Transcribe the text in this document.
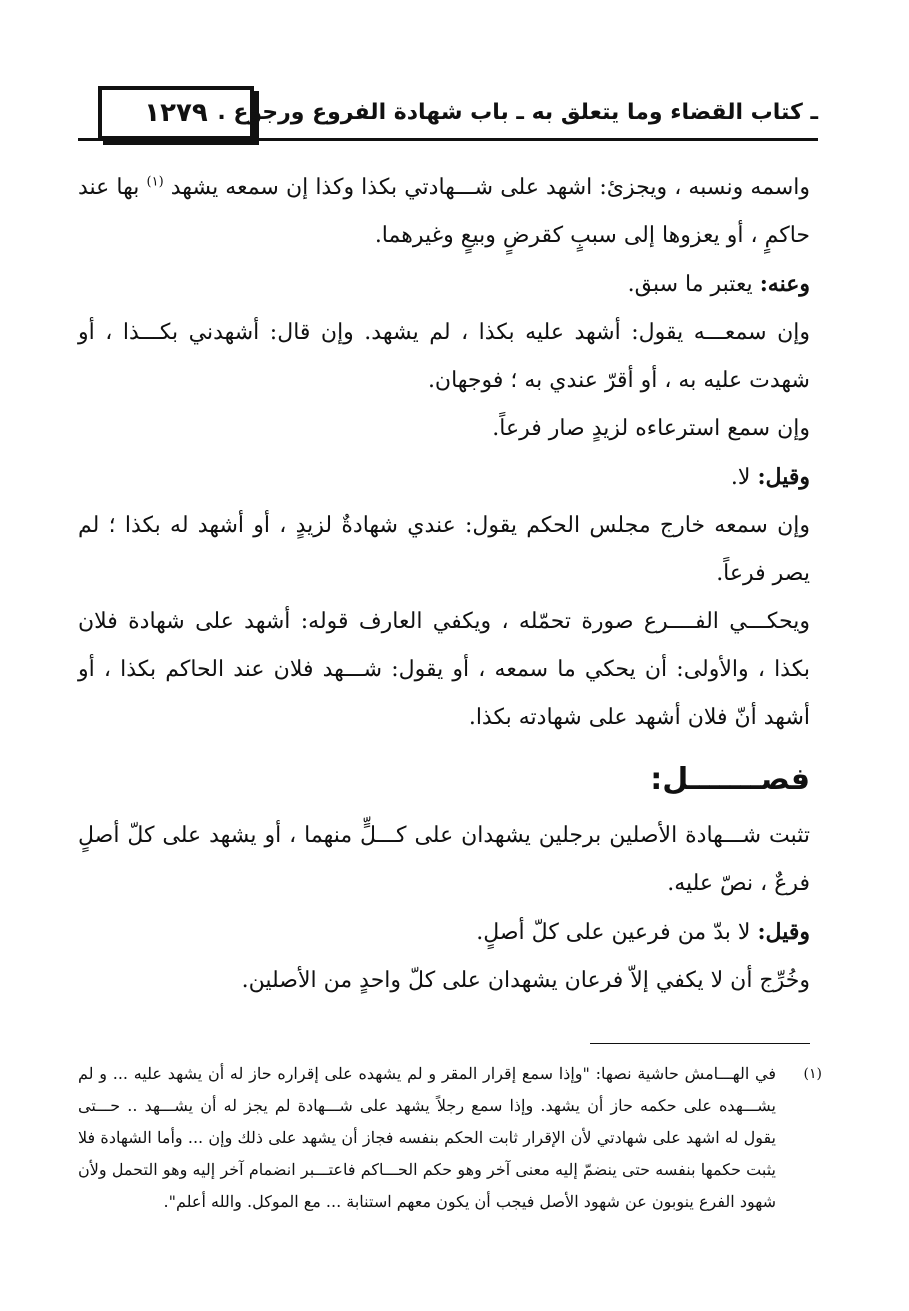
١٢٧٩ ـ كتاب القضاء وما يتعلق به ـ باب شهادة الفروع ورجوع .

واسمه ونسبه ، ويجزئ: اشهد على شـــهادتي بكذا وكذا إن سمعه يشهد $^{(١)}$ بها عند حاكمٍ ، أو يعزوها إلى سببٍ كقرضٍ وبيعٍ وغيرهما.

وعنه: يعتبر ما سبق.

وإن سمعـــه يقول: أشهد عليه بكذا ، لم يشهد. وإن قال: أشهدني بكـــذا ، أو شهدت عليه به ، أو أقرّ عندي به ؛ فوجهان.

وإن سمع استرعاءه لزيدٍ صار فرعاً.

وقيل: لا.

وإن سمعه خارج مجلس الحكم يقول: عندي شهادةٌ لزيدٍ ، أو أشهد له بكذا ؛ لم يصر فرعاً.

ويحكـــي الفــــرع صورة تحمّله ، ويكفي العارف قوله: أشهد على شهادة فلان بكذا ، والأولى: أن يحكي ما سمعه ، أو يقول: شـــهد فلان عند الحاكم بكذا ، أو أشهد أنّ فلان أشهد على شهادته بكذا.

فصـــــــل:

تثبت شـــهادة الأصلين برجلين يشهدان على كـــلٍّ منهما ، أو يشهد على كلّ أصلٍ فرعٌ ، نصّ عليه.

وقيل: لا بدّ من فرعين على كلّ أصلٍ.

وخُرِّج أن لا يكفي إلاّ فرعان يشهدان على كلّ واحدٍ من الأصلين.

(١)

في الهـــامش حاشية نصها: "وإذا سمع إقرار المقر و لم يشهده على إقراره حاز له أن يشهد عليه ... و لم يشـــهده على حكمه حاز أن يشهد. وإذا سمع رجلاً يشهد على شـــهادة لم يجز له أن يشـــهد .. حـــتى يقول له اشهد على شهادتي لأن الإقرار ثابت الحكم بنفسه فجاز أن يشهد على ذلك وإن ... وأما الشهادة فلا يثبت حكمها بنفسه حتى ينضمّ إليه معنى آخر وهو حكم الحـــاكم فاعتـــبر انضمام آخر إليه وهو التحمل ولأن شهود الفرع ينوبون عن شهود الأصل فيجب أن يكون معهم استنابة ... مع الموكل. والله أعلم".
